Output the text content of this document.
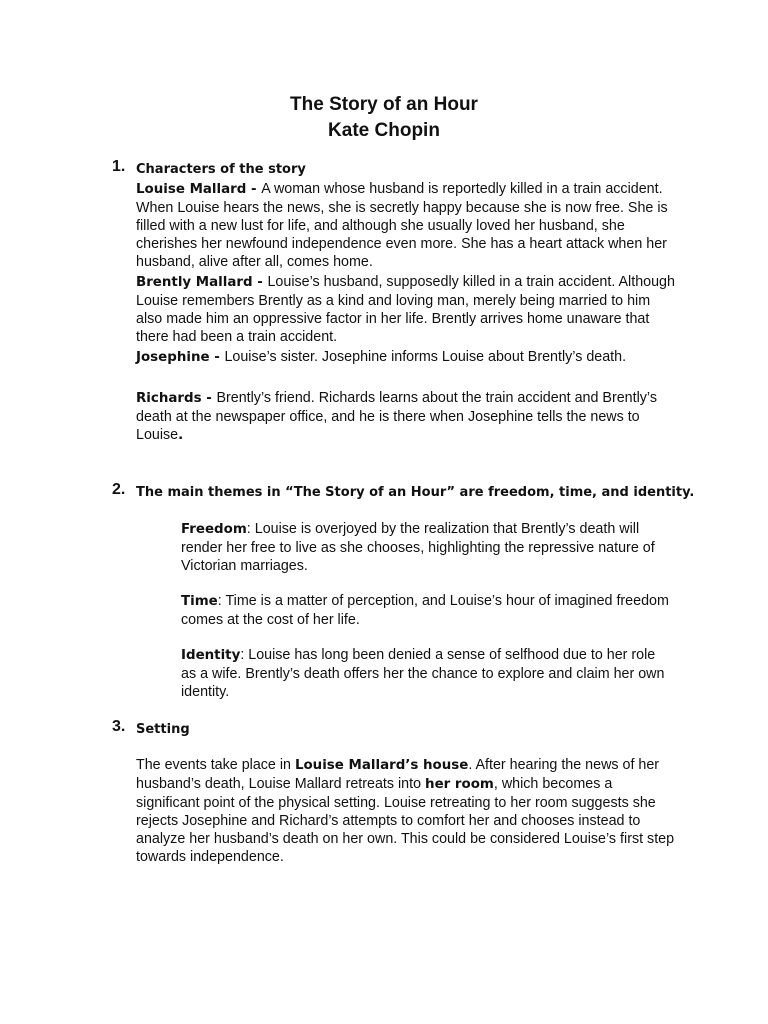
The Story of an Hour
Kate Chopin
1. Characters of the story
Louise Mallard - A woman whose husband is reportedly killed in a train accident. When Louise hears the news, she is secretly happy because she is now free. She is filled with a new lust for life, and although she usually loved her husband, she cherishes her newfound independence even more. She has a heart attack when her husband, alive after all, comes home.
Brently Mallard - Louise’s husband, supposedly killed in a train accident. Although Louise remembers Brently as a kind and loving man, merely being married to him also made him an oppressive factor in her life. Brently arrives home unaware that there had been a train accident.
Josephine - Louise’s sister. Josephine informs Louise about Brently’s death.
Richards - Brently’s friend. Richards learns about the train accident and Brently’s death at the newspaper office, and he is there when Josephine tells the news to Louise.
2. The main themes in “The Story of an Hour” are freedom, time, and identity.
Freedom: Louise is overjoyed by the realization that Brently’s death will render her free to live as she chooses, highlighting the repressive nature of Victorian marriages.
Time: Time is a matter of perception, and Louise’s hour of imagined freedom comes at the cost of her life.
Identity: Louise has long been denied a sense of selfhood due to her role as a wife. Brently’s death offers her the chance to explore and claim her own identity.
3. Setting
The events take place in Louise Mallard’s house. After hearing the news of her husband’s death, Louise Mallard retreats into her room, which becomes a significant point of the physical setting. Louise retreating to her room suggests she rejects Josephine and Richard’s attempts to comfort her and chooses instead to analyze her husband’s death on her own. This could be considered Louise’s first step towards independence.
